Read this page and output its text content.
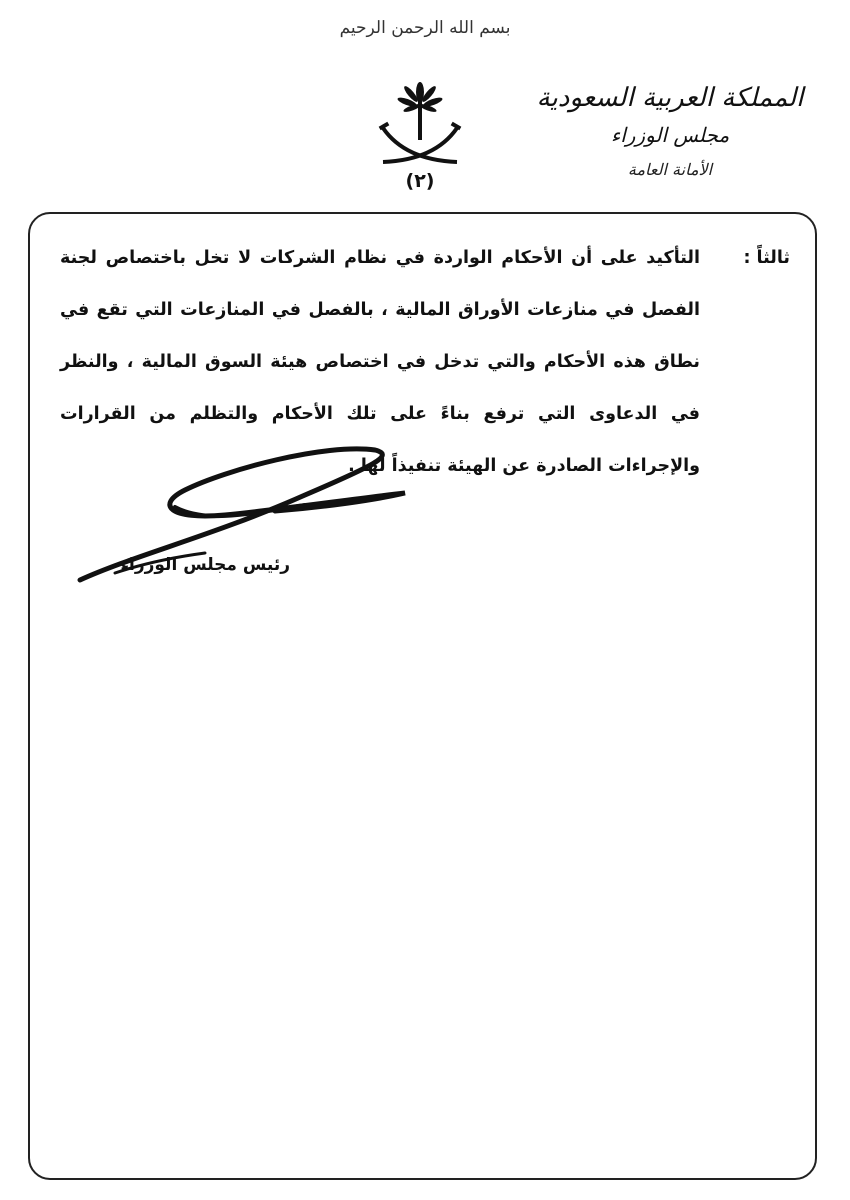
بسم الله الرحمن الرحيم
المملكة العربية السعودية
مجلس الوزراء
الأمانة العامة
(٢)
ثالثاً :
التأكيد على أن الأحكام الواردة في نظام الشركات لا تخل باختصاص لجنة الفصل في منازعات الأوراق المالية ، بالفصل في المنازعات التي تقع في نطاق هذه الأحكام والتي تدخل في اختصاص هيئة السوق المالية ، والنظر في الدعاوى التي ترفع بناءً على تلك الأحكام والتظلم من القرارات والإجراءات الصادرة عن الهيئة تنفيذاً لها .
رئيس مجلس الوزراء
